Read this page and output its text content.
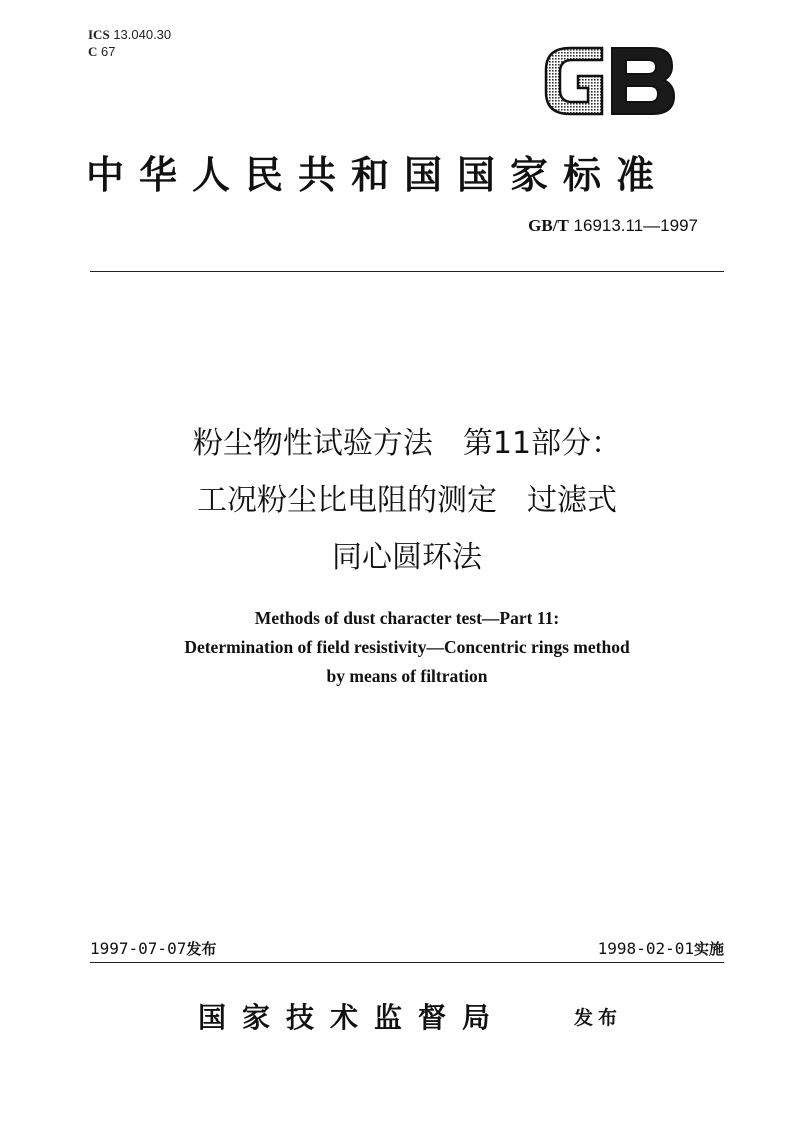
ICS 13.040.30
C 67
GB
中华人民共和国国家标准
GB/T 16913.11—1997
粉尘物性试验方法　第11部分：
工况粉尘比电阻的测定　过滤式
同心圆环法
Methods of dust character test—Part 11:
Determination of field resistivity—Concentric rings method
by means of filtration
1997-07-07发布	1998-02-01实施
国家技术监督局	发布
